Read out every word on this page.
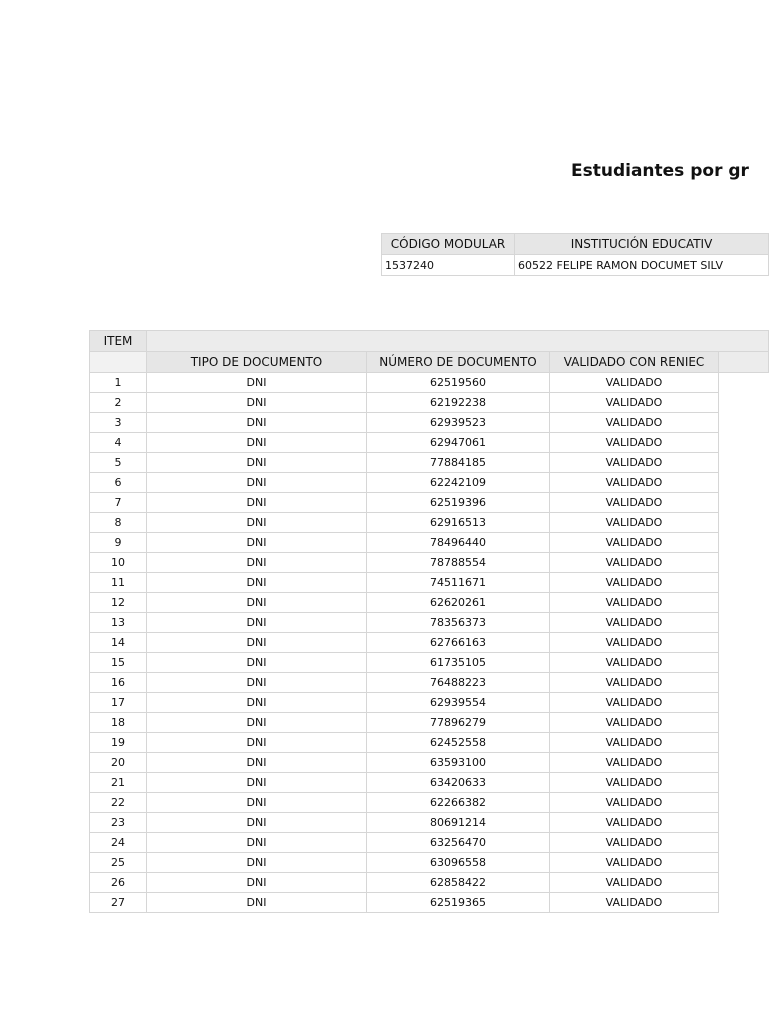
Estudiantes por gr
CÓDIGO MODULAR	INSTITUCIÓN EDUCATIV
1537240	60522 FELIPE RAMON DOCUMET SILV
ITEM				
	TIPO DE DOCUMENTO	NÚMERO DE DOCUMENTO	VALIDADO CON RENIEC	
1	DNI	62519560	VALIDADO	
2	DNI	62192238	VALIDADO	
3	DNI	62939523	VALIDADO	
4	DNI	62947061	VALIDADO	
5	DNI	77884185	VALIDADO	
6	DNI	62242109	VALIDADO	
7	DNI	62519396	VALIDADO	
8	DNI	62916513	VALIDADO	
9	DNI	78496440	VALIDADO	
10	DNI	78788554	VALIDADO	
11	DNI	74511671	VALIDADO	
12	DNI	62620261	VALIDADO	
13	DNI	78356373	VALIDADO	
14	DNI	62766163	VALIDADO	
15	DNI	61735105	VALIDADO	
16	DNI	76488223	VALIDADO	
17	DNI	62939554	VALIDADO	
18	DNI	77896279	VALIDADO	
19	DNI	62452558	VALIDADO	
20	DNI	63593100	VALIDADO	
21	DNI	63420633	VALIDADO	
22	DNI	62266382	VALIDADO	
23	DNI	80691214	VALIDADO	
24	DNI	63256470	VALIDADO	
25	DNI	63096558	VALIDADO	
26	DNI	62858422	VALIDADO	
27	DNI	62519365	VALIDADO	
